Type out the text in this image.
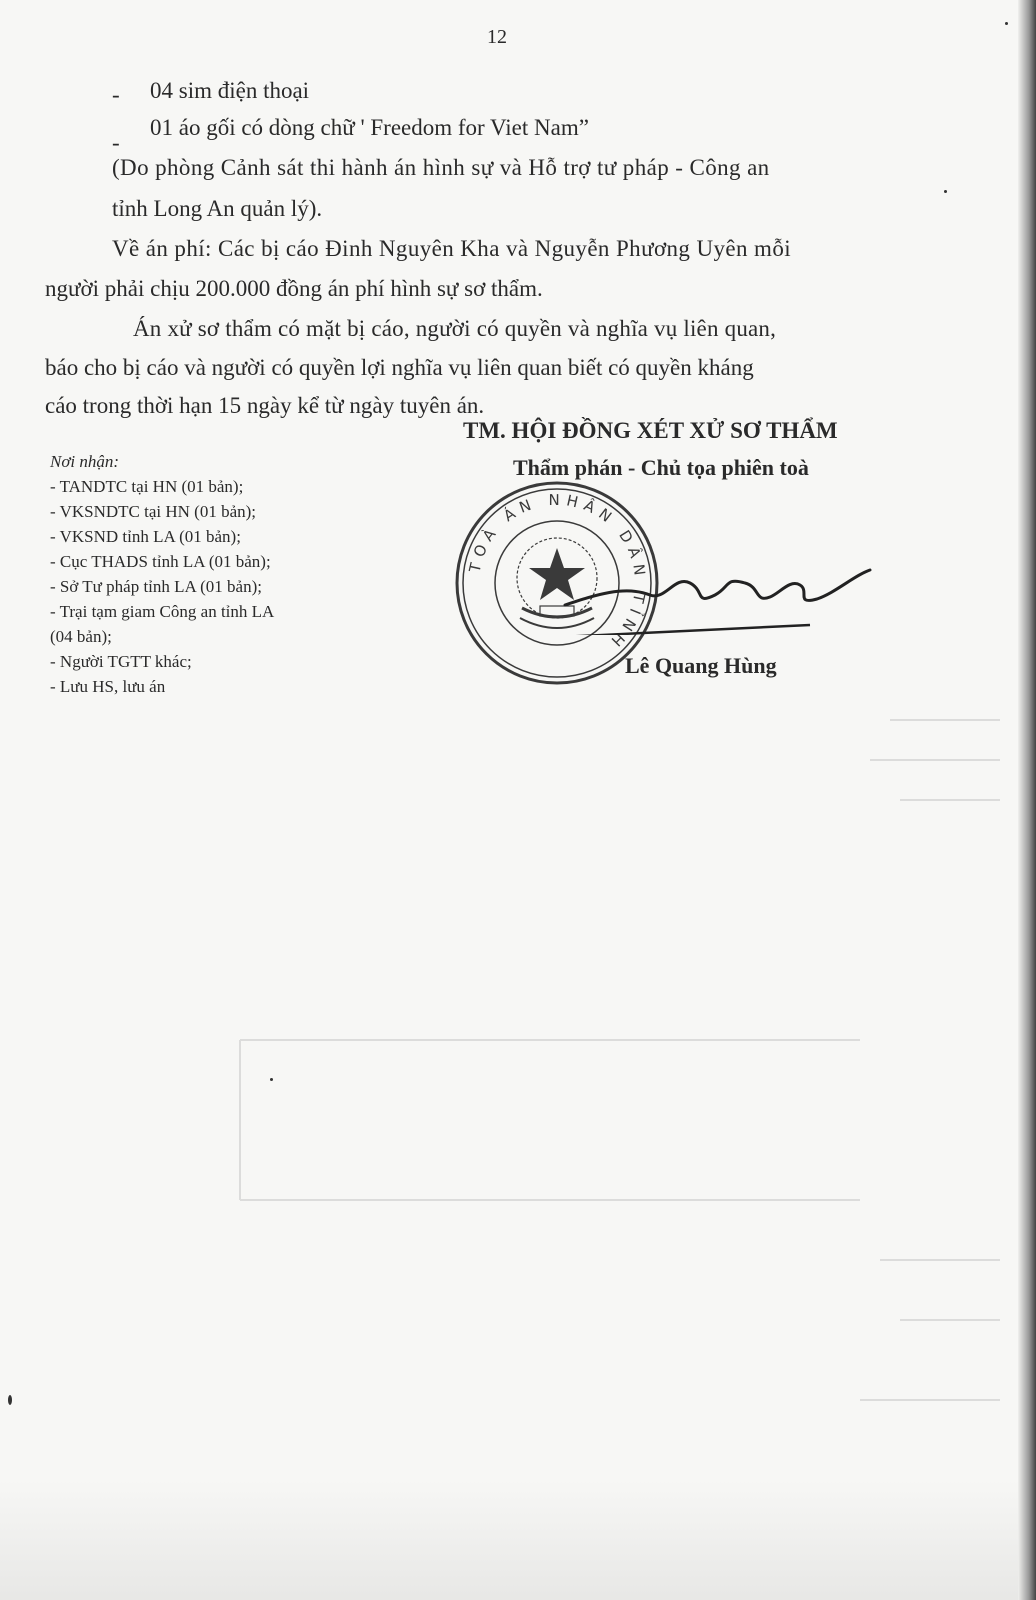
12
- 04 sim điện thoại
-
01 áo gối có dòng chữ ' Freedom for Viet Nam”
(Do phòng Cảnh sát thi hành án hình sự và Hỗ trợ tư pháp - Công an
tỉnh Long An quản lý).
Về án phí: Các bị cáo Đinh Nguyên Kha và Nguyễn Phương Uyên mỗi
người phải chịu 200.000 đồng án phí hình sự sơ thẩm.
Án xử sơ thẩm có mặt bị cáo, người có quyền và nghĩa vụ liên quan,
báo cho bị cáo và người có quyền lợi nghĩa vụ liên quan biết có quyền kháng
cáo trong thời hạn 15 ngày kể từ ngày tuyên án.
Nơi nhận:
- TANDTC tại HN (01 bản);
- VKSNDTC tại HN (01 bản);
- VKSND tỉnh LA (01 bản);
- Cục THADS tỉnh LA (01 bản);
- Sở Tư pháp tỉnh LA (01 bản);
- Trại tạm giam Công an tỉnh LA
(04 bản);
- Người TGTT khác;
- Lưu HS, lưu án
TM. HỘI ĐỒNG XÉT XỬ SƠ THẨM
Thẩm phán - Chủ tọa phiên toà
TOÀ ÁN NHÂN DÂN TỈNH
Lê Quang Hùng
